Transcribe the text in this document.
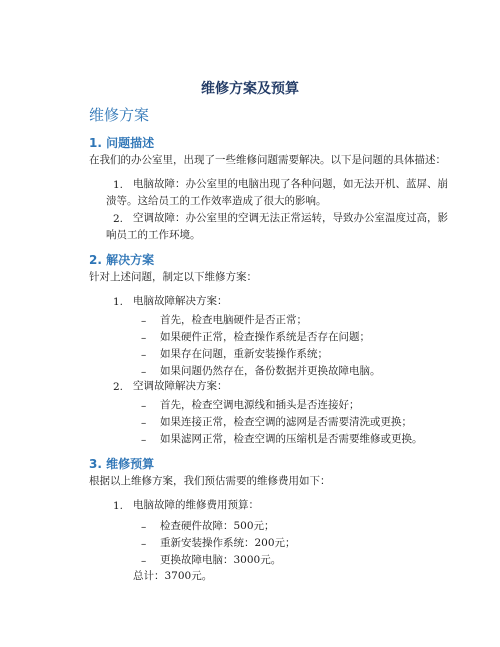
维修方案及预算
维修方案
1. 问题描述
在我们的办公室里，出现了一些维修问题需要解决。以下是问题的具体描述：
1. 电脑故障：办公室里的电脑出现了各种问题，如无法开机、蓝屏、崩
溃等。这给员工的工作效率造成了很大的影响。
2. 空调故障：办公室里的空调无法正常运转，导致办公室温度过高，影
响员工的工作环境。
2. 解决方案
针对上述问题，制定以下维修方案：
1. 电脑故障解决方案：
– 首先，检查电脑硬件是否正常；
– 如果硬件正常，检查操作系统是否存在问题；
– 如果存在问题，重新安装操作系统；
– 如果问题仍然存在，备份数据并更换故障电脑。
2. 空调故障解决方案：
– 首先，检查空调电源线和插头是否连接好；
– 如果连接正常，检查空调的滤网是否需要清洗或更换；
– 如果滤网正常，检查空调的压缩机是否需要维修或更换。
3. 维修预算
根据以上维修方案，我们预估需要的维修费用如下：
1. 电脑故障的维修费用预算：
– 检查硬件故障：500元；
– 重新安装操作系统：200元；
– 更换故障电脑：3000元。
总计：3700元。
